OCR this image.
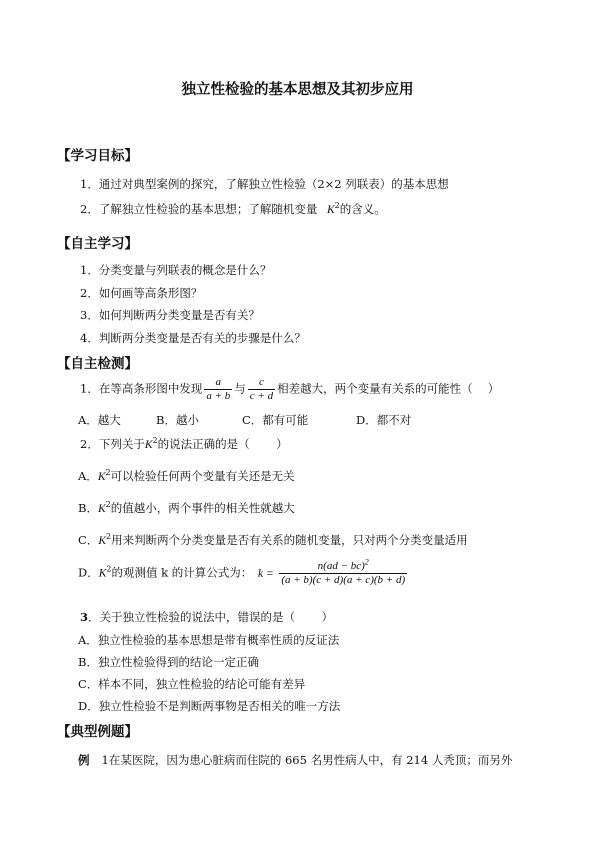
独立性检验的基本思想及其初步应用
【学习目标】
1．通过对典型案例的探究，了解独立性检验（2×2 列联表）的基本思想
2．了解独立性检验的基本思想；了解随机变量 $K^2$的含义。
【自主学习】
1．分类变量与列联表的概念是什么？
2．如何画等高条形图？
3．如何判断两分类变量是否有关？
4．判断两分类变量是否有关的步骤是什么？
【自主检测】
1．在等高条形图中发现 $\frac{a}{a + b}$ 与 $\frac{c}{c + d}$ 相差越大，两个变量有关系的可能性（　 ）
A．越大	B．越小	C．都有可能	D．都不对
2．下列关于$K^2$的说法正确的是（　　 ）
A．$K^2$可以检验任何两个变量有关还是无关
B．$K^2$的值越小，两个事件的相关性就越大
C．$K^2$用来判断两个分类变量是否有关系的随机变量，只对两个分类变量适用
D．$K^2$的观测值 k 的计算公式为： $k = \frac{n(ad - bc)^2}{(a + b)(c + d)(a + c)(b + d)}$
3．关于独立性检验的说法中，错误的是（　　 ）
A．独立性检验的基本思想是带有概率性质的反证法
B．独立性检验得到的结论一定正确
C．样本不同，独立性检验的结论可能有差异
D．独立性检验不是判断两事物是否相关的唯一方法
【典型例题】
例 1在某医院，因为患心脏病而住院的 665 名男性病人中，有 214 人秃顶；而另外
